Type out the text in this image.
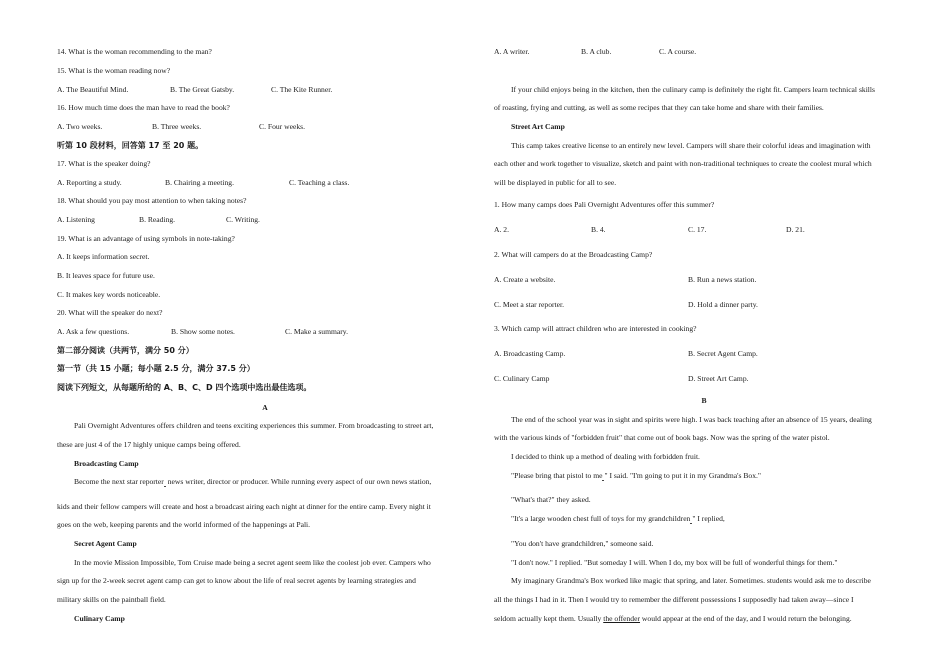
14. What is the woman recommending to the man?
15. What is the woman reading now?
A. The Beautiful Mind.	B. The Great Gatsby.	C. The Kite Runner.
16. How much time does the man have to read the book?
A. Two weeks.	B. Three weeks.	C. Four weeks.
听第 10 段材料，回答第 17 至 20 题。
17. What is the speaker doing?
A. Reporting a study.	B. Chairing a meeting.	C. Teaching a class.
18. What should you pay most attention to when taking notes?
A. Listening	B. Reading.	C. Writing.
19. What is an advantage of using symbols in note-taking?
A. It keeps information secret.
B. It leaves space for future use.
C. It makes key words noticeable.
20. What will the speaker do next?
A. Ask a few questions.	B. Show some notes.	C. Make a summary.
第二部分阅读（共两节，满分 50 分）
第一节（共 15 小题；每小题 2.5 分，满分 37.5 分）
阅读下列短文，从每题所给的 A、B、C、D 四个选项中选出最佳选项。
A
Pali Overnight Adventures offers children and teens exciting experiences this summer. From broadcasting to street art,
these are just 4 of the 17 highly unique camps being offered.
Broadcasting Camp
Become the next star reporter news writer, director or producer. While running every aspect of our own news station,
kids and their fellow campers will create and host a broadcast airing each night at dinner for the entire camp. Every night it
goes on the web, keeping parents and the world informed of the happenings at Pali.
Secret Agent Camp
In the movie Mission Impossible, Tom Cruise made being a secret agent seem like the coolest job ever. Campers who
sign up for the 2-week secret agent camp can get to know about the life of real secret agents by learning strategies and
military skills on the paintball field.
Culinary Camp
A. A writer.	B. A club.	C. A course.
If your child enjoys being in the kitchen, then the culinary camp is definitely the right fit. Campers learn technical skills
of roasting, frying and cutting, as well as some recipes that they can take home and share with their families.
Street Art Camp
This camp takes creative license to an entirely new level. Campers will share their colorful ideas and imagination with
each other and work together to visualize, sketch and paint with non-traditional techniques to create the coolest mural which
will be displayed in public for all to see.
1. How many camps does Pali Overnight Adventures offer this summer?
A. 2.	B. 4.	C. 17.	D. 21.
2. What will campers do at the Broadcasting Camp?
A. Create a website.	B. Run a news station.
C. Meet a star reporter.	D. Hold a dinner party.
3. Which camp will attract children who are interested in cooking?
A. Broadcasting Camp.	B. Secret Agent Camp.
C. Culinary Camp	D. Street Art Camp.
B
The end of the school year was in sight and spirits were high. I was back teaching after an absence of 15 years, dealing
with the various kinds of "forbidden fruit" that come out of book bags. Now was the spring of the water pistol.
I decided to think up a method of dealing with forbidden fruit.
"Please bring that pistol to me " I said. "I'm going to put it in my Grandma's Box."
"What's that?" they asked.
"It's a large wooden chest full of toys for my grandchildren " I replied,
"You don't have grandchildren," someone said.
"I don't now." I replied. "But someday I will. When I do, my box will be full of wonderful things for them."
My imaginary Grandma's Box worked like magic that spring, and later. Sometimes. students would ask me to describe
all the things I had in it. Then I would try to remember the different possessions I supposedly had taken away—since I
seldom actually kept them. Usually the offender would appear at the end of the day, and I would return the belonging.
